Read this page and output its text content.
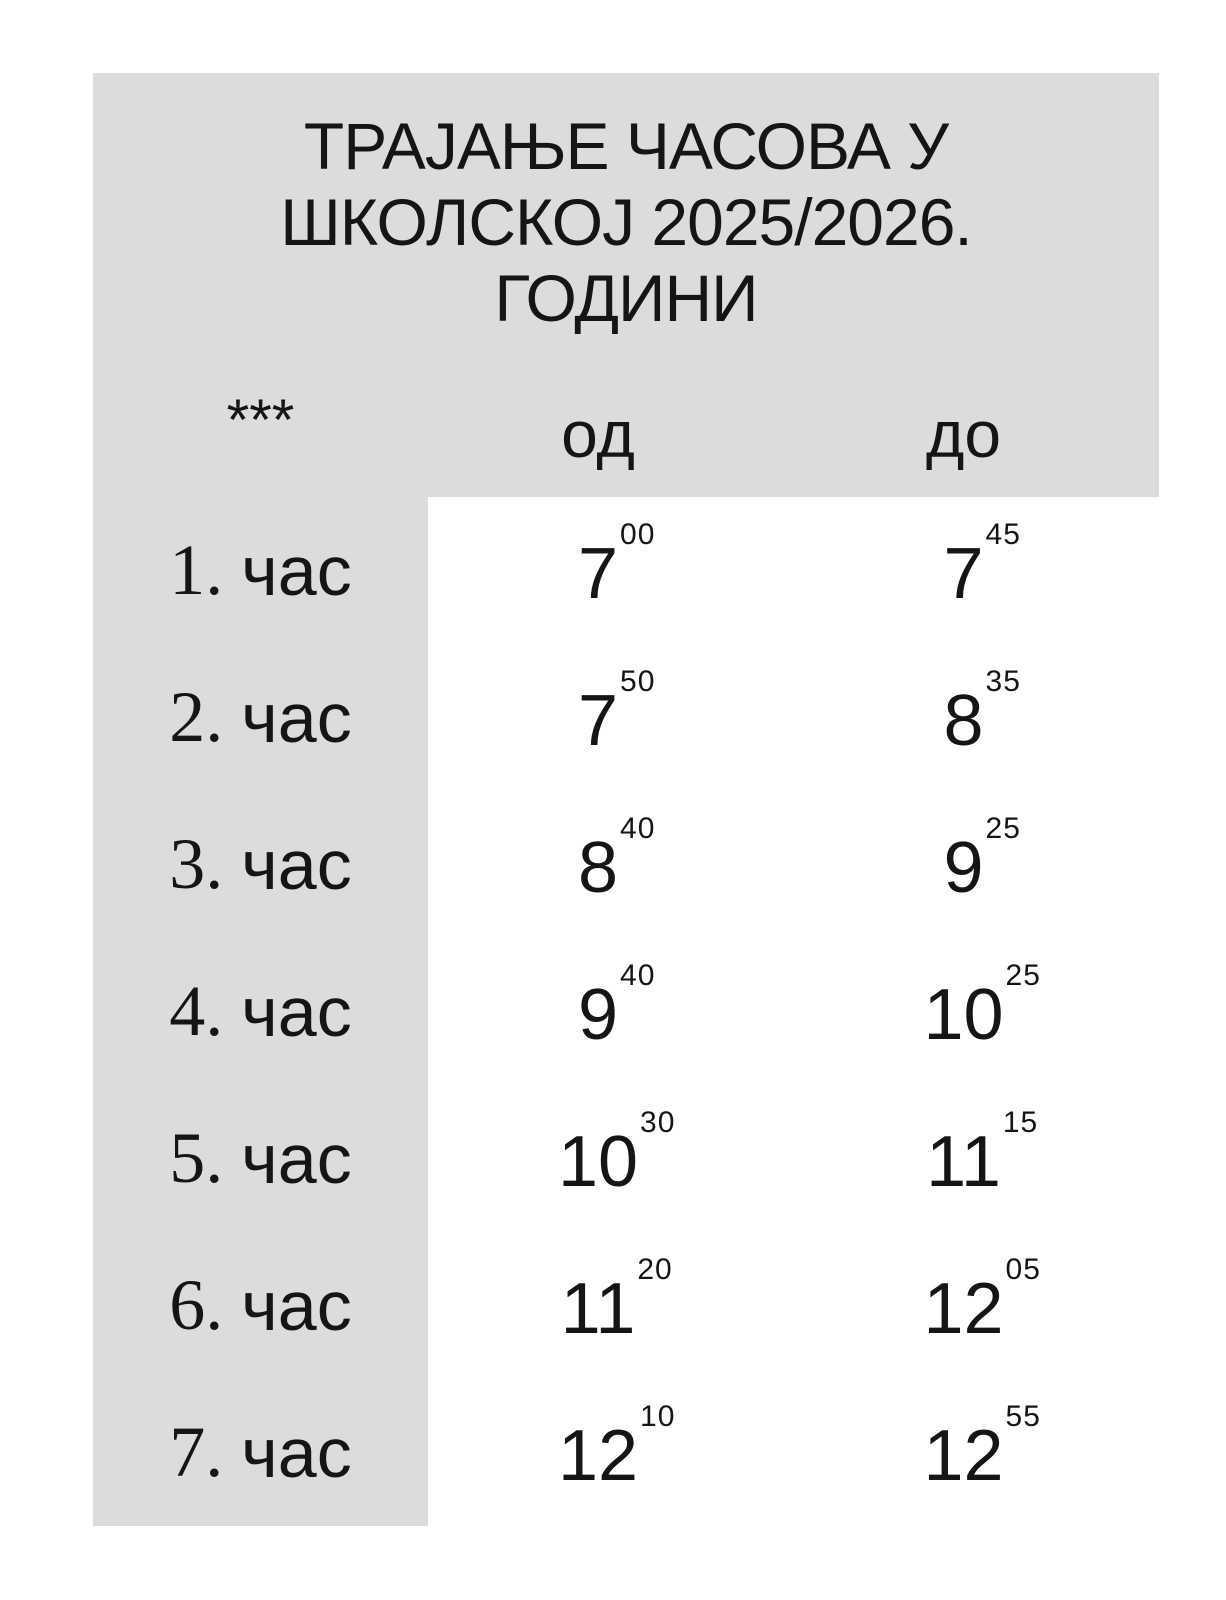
ТРАЈАЊЕ ЧАСОВА У
ШКОЛСКОЈ 2025/2026.
ГОДИНИ
***	од	до
1. час	7 00	7 45
2. час	7 50	8 35
3. час	8 40	9 25
4. час	9 40	10 25
5. час	10 30	11 15
6. час	11 20	12 05
7. час	12 10	12 55
